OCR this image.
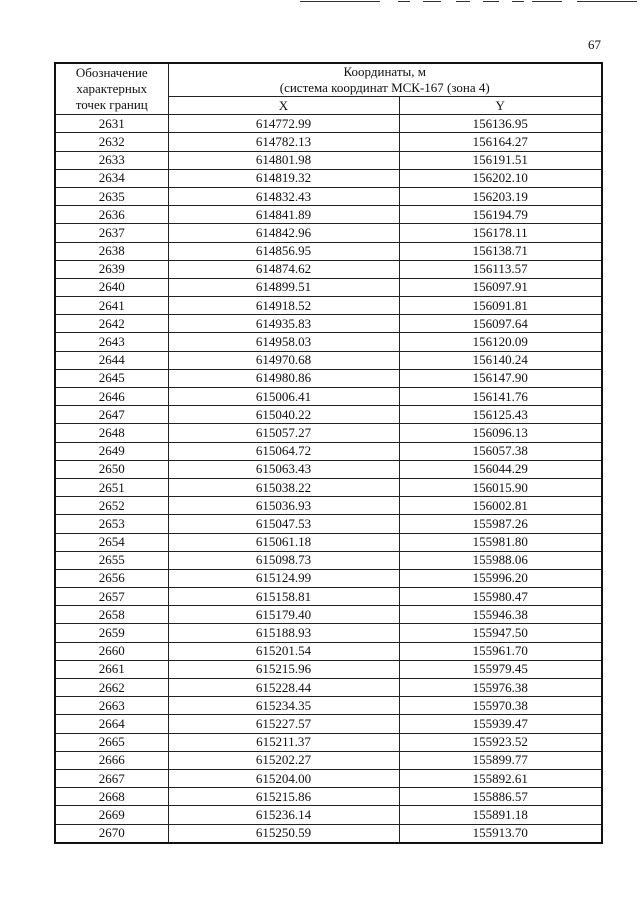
67
Обозначение
характерных
точек границ	Координаты, м
(система координат МСК-167 (зона 4)	

	X	Y
2631	614772.99	156136.95
2632	614782.13	156164.27
2633	614801.98	156191.51
2634	614819.32	156202.10
2635	614832.43	156203.19
2636	614841.89	156194.79
2637	614842.96	156178.11
2638	614856.95	156138.71
2639	614874.62	156113.57
2640	614899.51	156097.91
2641	614918.52	156091.81
2642	614935.83	156097.64
2643	614958.03	156120.09
2644	614970.68	156140.24
2645	614980.86	156147.90
2646	615006.41	156141.76
2647	615040.22	156125.43
2648	615057.27	156096.13
2649	615064.72	156057.38
2650	615063.43	156044.29
2651	615038.22	156015.90
2652	615036.93	156002.81
2653	615047.53	155987.26
2654	615061.18	155981.80
2655	615098.73	155988.06
2656	615124.99	155996.20
2657	615158.81	155980.47
2658	615179.40	155946.38
2659	615188.93	155947.50
2660	615201.54	155961.70
2661	615215.96	155979.45
2662	615228.44	155976.38
2663	615234.35	155970.38
2664	615227.57	155939.47
2665	615211.37	155923.52
2666	615202.27	155899.77
2667	615204.00	155892.61
2668	615215.86	155886.57
2669	615236.14	155891.18
2670	615250.59	155913.70
